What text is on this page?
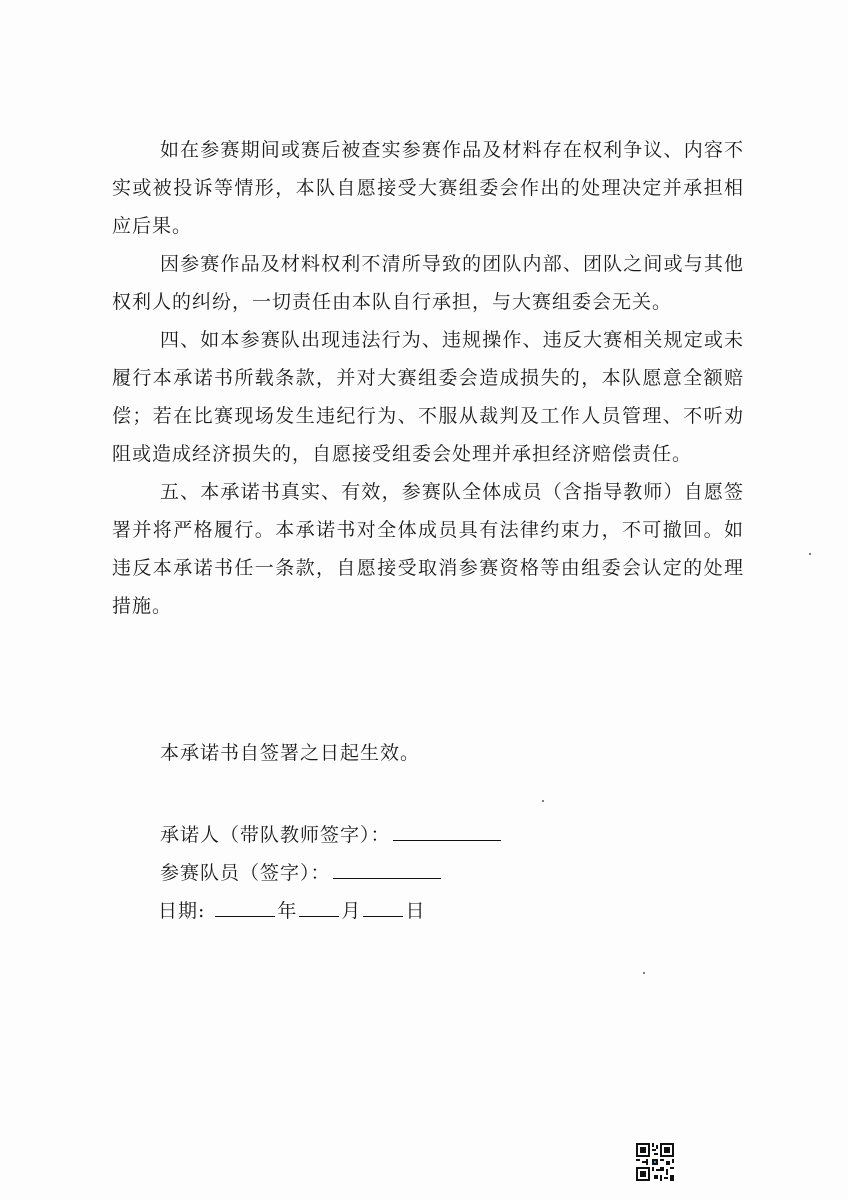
如在参赛期间或赛后被查实参赛作品及材料存在权利争议、内容不实或被投诉等情形，本队自愿接受大赛组委会作出的处理决定并承担相应后果。

因参赛作品及材料权利不清所导致的团队内部、团队之间或与其他权利人的纠纷，一切责任由本队自行承担，与大赛组委会无关。

四、如本参赛队出现违法行为、违规操作、违反大赛相关规定或未履行本承诺书所载条款，并对大赛组委会造成损失的，本队愿意全额赔偿；若在比赛现场发生违纪行为、不服从裁判及工作人员管理、不听劝阻或造成经济损失的，自愿接受组委会处理并承担经济赔偿责任。

五、本承诺书真实、有效，参赛队全体成员（含指导教师）自愿签署并将严格履行。本承诺书对全体成员具有法律约束力，不可撤回。如违反本承诺书任一条款，自愿接受取消参赛资格等由组委会认定的处理措施。

本承诺书自签署之日起生效。

承诺人（带队教师签字）：
参赛队员（签字）：
日期:	年 月 日
